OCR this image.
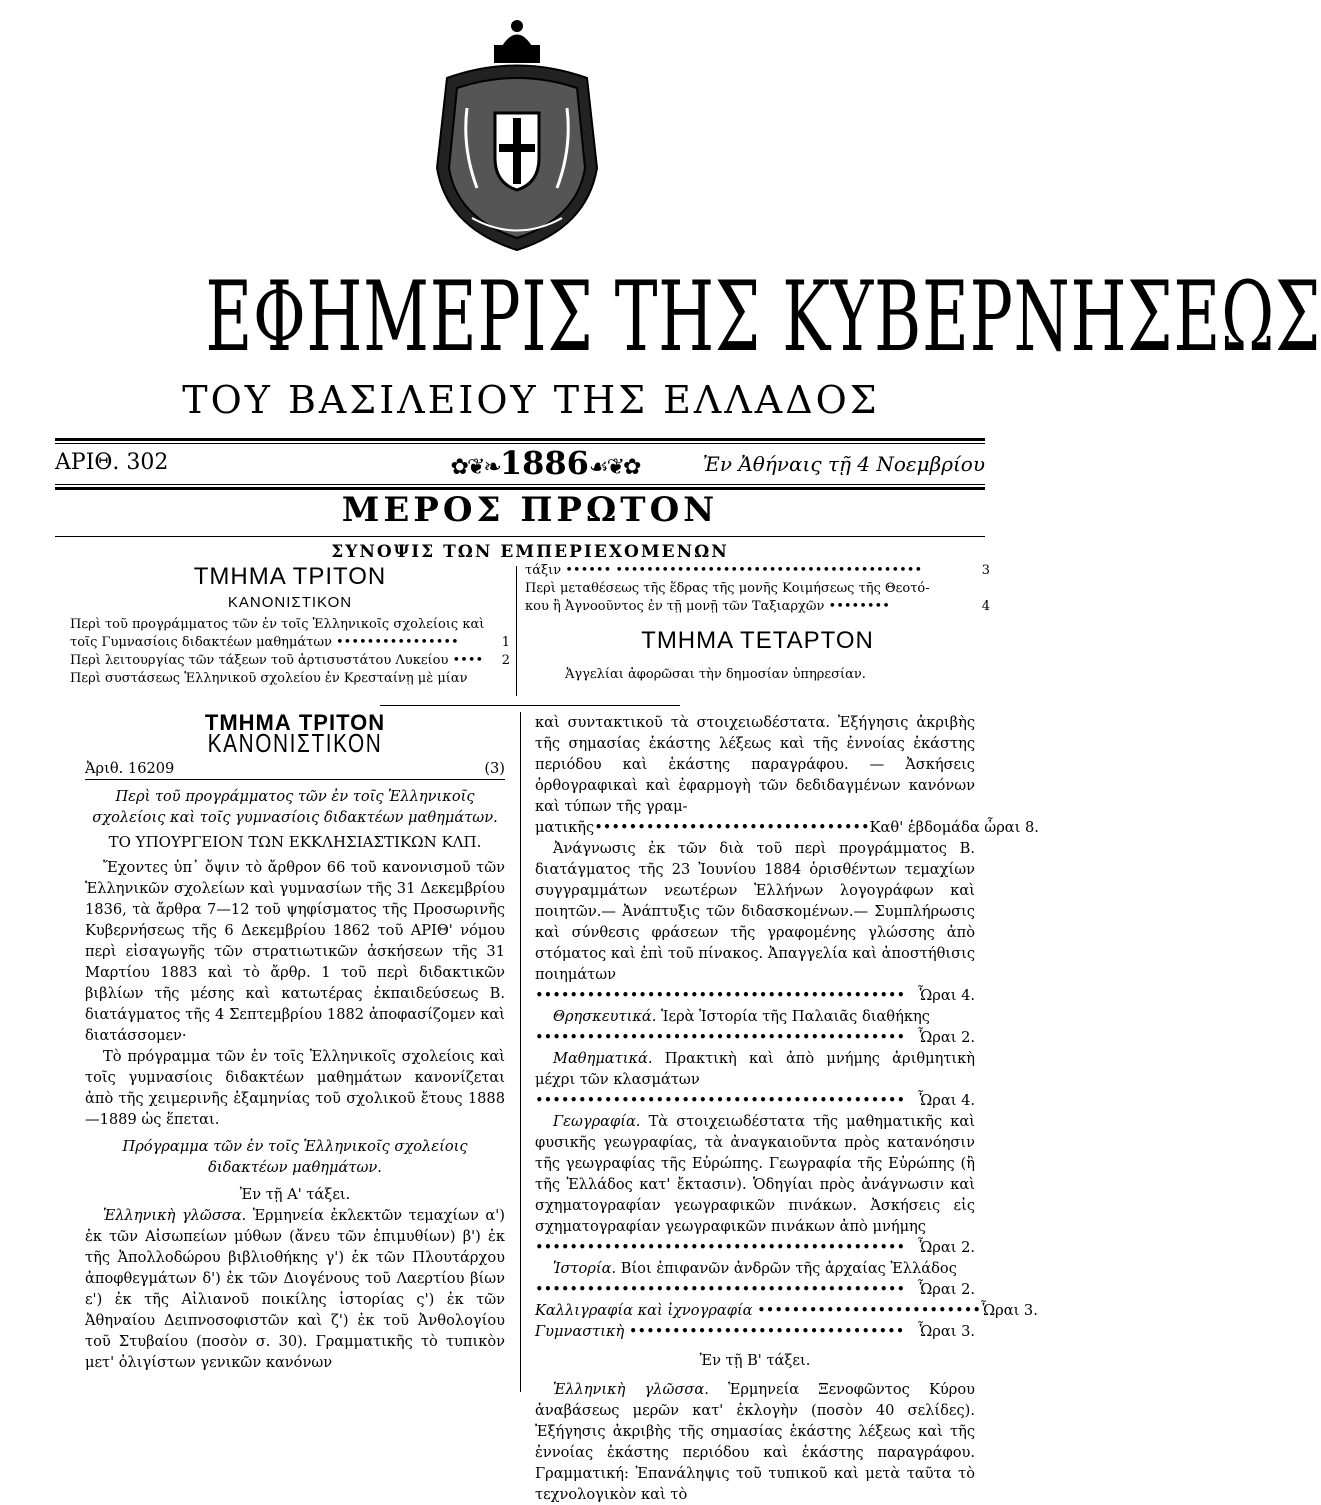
ΕΦΗΜΕΡΙΣ ΤΗΣ ΚΥΒΕΡΝΗΣΕΩΣ
ΤΟΥ ΒΑΣΙΛΕΙΟΥ ΤΗΣ ΕΛΛΑΔΟΣ
ΑΡΙΘ. 302	✿❦❧1886☙❦✿	Ἐν Ἀθήναις τῇ 4 Νοεμβρίου
ΜΕΡΟΣ ΠΡΩΤΟΝ
ΣΥΝΟΨΙΣ ΤΩΝ ΕΜΠΕΡΙΕΧΟΜΕΝΩΝ

ΤΜΗΜΑ ΤΡΙΤΟΝ

ΚΑΝΟΝΙΣΤΙΚΟΝ

Περὶ τοῦ προγράμματος τῶν ἐν τοῖς Ἑλληνικοῖς σχολείοις καὶ
τοῖς Γυμνασίοις διδακτέων μαθημάτων ••••••••••••••••	1
Περὶ λειτουργίας τῶν τάξεων τοῦ ἀρτισυστάτου Λυκείου ••••	2
Περὶ συστάσεως Ἑλληνικοῦ σχολείου ἐν Κρεσταίνῃ μὲ μίαν
τάξιν •••••• ••••••••••••••••••••••••••••••••••••••••	3
Περὶ μεταθέσεως τῆς ἕδρας τῆς μονῆς Κοιμήσεως τῆς Θεοτό-
κου ἢ Ἀγνοοῦντος ἐν τῇ μονῇ τῶν Ταξιαρχῶν ••••••••	4

ΤΜΗΜΑ ΤΕΤΑΡΤΟΝ

Ἀγγελίαι ἀφορῶσαι τὴν δημοσίαν ὑπηρεσίαν.

ΤΜΗΜΑ ΤΡΙΤΟΝ
ΚΑΝΟΝΙΣΤΙΚΟΝ
Ἀριθ. 16209	(3)

Περὶ τοῦ προγράμματος τῶν ἐν τοῖς Ἑλληνικοῖς σχολείοις καὶ τοῖς γυμνασίοις διδακτέων μαθημάτων.

ΤΟ ΥΠΟΥΡΓΕΙΟΝ ΤΩΝ ΕΚΚΛΗΣΙΑΣΤΙΚΩΝ ΚΛΠ.

Ἔχοντες ὑπ᾽ ὄψιν τὸ ἄρθρον 66 τοῦ κανονισμοῦ τῶν Ἑλληνικῶν σχολείων καὶ γυμνασίων τῆς 31 Δεκεμβρίου 1836, τὰ ἄρθρα 7—12 τοῦ ψηφίσματος τῆς Προσωρινῆς Κυβερνήσεως τῆς 6 Δεκεμβρίου 1862 τοῦ ΑΡΙΘ' νόμου περὶ εἰσαγωγῆς τῶν στρατιωτικῶν ἀσκήσεων τῆς 31 Μαρτίου 1883 καὶ τὸ ἄρθρ. 1 τοῦ περὶ διδακτικῶν βιβλίων τῆς μέσης καὶ κατωτέρας ἐκπαιδεύσεως Β. διατάγματος τῆς 4 Σεπτεμβρίου 1882 ἀποφασίζομεν καὶ διατάσσομεν·

Τὸ πρόγραμμα τῶν ἐν τοῖς Ἑλληνικοῖς σχολείοις καὶ τοῖς γυμνασίοις διδακτέων μαθημάτων κανονίζεται ἀπὸ τῆς χειμερινῆς ἑξαμηνίας τοῦ σχολικοῦ ἔτους 1888—1889 ὡς ἕπεται.

Πρόγραμμα τῶν ἐν τοῖς Ἑλληνικοῖς σχολείοις διδακτέων μαθημάτων.

Ἐν τῇ Α' τάξει.

Ἑλληνικὴ γλῶσσα. Ἑρμηνεία ἐκλεκτῶν τεμαχίων α') ἐκ τῶν Αἰσωπείων μύθων (ἄνευ τῶν ἐπιμυθίων) β') ἐκ τῆς Ἀπολλοδώρου βιβλιοθήκης γ') ἐκ τῶν Πλουτάρχου ἀποφθεγμάτων δ') ἐκ τῶν Διογένους τοῦ Λαερτίου βίων ε') ἐκ τῆς Αἰλιανοῦ ποικίλης ἱστορίας ς') ἐκ τῶν Ἀθηναίου Δειπνοσοφιστῶν καὶ ζ') ἐκ τοῦ Ἀνθολογίου τοῦ Στυβαίου (ποσὸν σ. 30). Γραμματικῆς τὸ τυπικὸν μετ' ὀλιγίστων γενικῶν κανόνων

καὶ συντακτικοῦ τὰ στοιχειωδέστατα. Ἐξήγησις ἀκριβὴς τῆς σημασίας ἑκάστης λέξεως καὶ τῆς ἐννοίας ἑκάστης περιόδου καὶ ἑκάστης παραγράφου. — Ἀσκήσεις ὀρθογραφικαὶ καὶ ἐφαρμογὴ τῶν δεδιδαγμένων κανόνων καὶ τύπων τῆς γραμ-

ματικῆς•••••••••••••••••••••••••••••••• Καθ' ἑβδομάδα ὧραι 8.

Ἀνάγνωσις ἐκ τῶν διὰ τοῦ περὶ προγράμματος Β. διατάγματος τῆς 23 Ἰουνίου 1884 ὁρισθέντων τεμαχίων συγγραμμάτων νεωτέρων Ἑλλήνων λογογράφων καὶ ποιητῶν.— Ἀνάπτυξις τῶν διδασκομένων.— Συμπλήρωσις καὶ σύνθεσις φράσεων τῆς γραφομένης γλώσσης ἀπὸ στόματος καὶ ἐπὶ τοῦ πίνακος. Ἀπαγγελία καὶ ἀποστήθισις ποιημάτων

••••••••••••••••••••••••••••••••••••••••••• Ὧραι 4.

Θρησκευτικά. Ἱερὰ Ἱστορία τῆς Παλαιᾶς διαθήκης

••••••••••••••••••••••••••••••••••••••••••• Ὧραι 2.

Μαθηματικά. Πρακτικὴ καὶ ἀπὸ μνήμης ἀριθμητικὴ μέχρι τῶν κλασμάτων

••••••••••••••••••••••••••••••••••••••••••• Ὧραι 4.

Γεωγραφία. Τὰ στοιχειωδέστατα τῆς μαθηματικῆς καὶ φυσικῆς γεωγραφίας, τὰ ἀναγκαιοῦντα πρὸς κατανόησιν τῆς γεωγραφίας τῆς Εὐρώπης. Γεωγραφία τῆς Εὐρώπης (ἢ τῆς Ἑλλάδος κατ' ἔκτασιν). Ὁδηγίαι πρὸς ἀνάγνωσιν καὶ σχηματογραφίαν γεωγραφικῶν πινάκων. Ἀσκήσεις εἰς σχηματογραφίαν γεωγραφικῶν πινάκων ἀπὸ μνήμης

••••••••••••••••••••••••••••••••••••••••••• Ὧραι 2.

Ἱστορία. Βίοι ἐπιφανῶν ἀνδρῶν τῆς ἀρχαίας Ἑλλάδος

••••••••••••••••••••••••••••••••••••••••••• Ὧραι 2.
Καλλιγραφία καὶ ἰχνογραφία •••••••••••••••••••••••••• Ὧραι 3.
Γυμναστικὴ •••••••••••••••••••••••••••••••• Ὧραι 3.

Ἐν τῇ Β' τάξει.

Ἑλληνικὴ γλῶσσα. Ἑρμηνεία Ξενοφῶντος Κύρου ἀναβάσεως μερῶν κατ' ἐκλογὴν (ποσὸν 40 σελίδες). Ἐξήγησις ἀκριβὴς τῆς σημασίας ἑκάστης λέξεως καὶ τῆς ἐννοίας ἑκάστης περιόδου καὶ ἑκάστης παραγράφου. Γραμματική: Ἐπανάληψις τοῦ τυπικοῦ καὶ μετὰ ταῦτα τὸ τεχνολογικὸν καὶ τὸ
